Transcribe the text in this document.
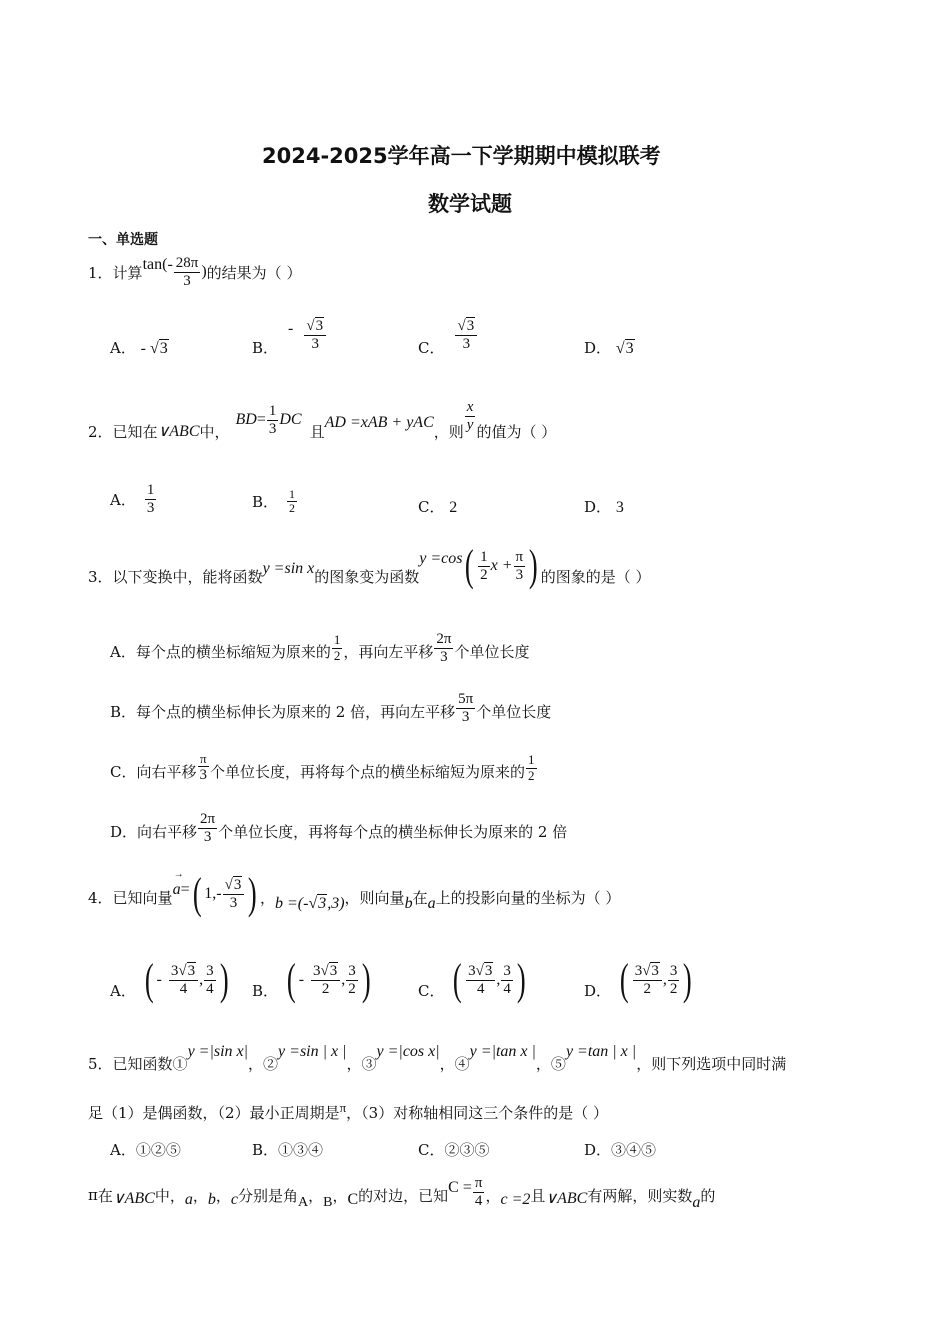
2024-2025学年高一下学期期中模拟联考
数学试题
一、单选题
1． 计算 $\tan(- \frac{28\pi}{3}$ ) 的结果为（ ）
A． - √3	B．
- $\frac{√3}{3}$	C． $\frac{√3}{3}$	D． √3
2． 已知在 ∨ABC 中，
BD = $\frac{1}{3}$ DC
且 AD =xAB + yAC ，则 $\frac{x}{y}$ 的值为（ ）
A． $\frac{1}{3}$	B． $\frac{1}{2}$	C． 2	D． 3
3． 以下变换中，能将函数 y =sin x 的图象变为函数
y =cos ( $\frac{1}{2}$ $x + \frac{\pi}{3}$ ) 的图象的是（ ）
A． 每个点的横坐标缩短为原来的 $\frac{1}{2}$ ，再向左平移 $\frac{2\pi}{3}$ 个单位长度
B． 每个点的横坐标伸长为原来的 2 倍，再向左平移 $\frac{5\pi}{3}$ 个单位长度
C． 向右平移 $\frac{\pi}{3}$ 个单位长度，再将每个点的横坐标缩短为原来的 $\frac{1}{2}$
D． 向右平移 $\frac{2\pi}{3}$ 个单位长度，再将每个点的横坐标伸长为原来的 2 倍
4． 已知向量
→
a = ( $1,- \frac{√3}{3}$ ) ， b =(-√3,3) ，则向量 b 在 a 上的投影向量的坐标为（ ）
A． ( - $\frac{3√3}{4}$ , $\frac{3}{4}$ ) B． ( - $\frac{3√3}{2}$ , $\frac{3}{2}$ )	C． ( $\frac{3√3}{4}$ , $\frac{3}{4}$ )	D． ( $\frac{3√3}{2}$ , $\frac{3}{2}$ )
5． 已知函数①
y =|sin x|
，②
y =sin | x |
，③
y =|cos x|
，④
y =|tan x |
，⑤
y =tan | x |
，则下列选项中同时满
足（1）是偶函数，（2）最小正周期是π，（3）对称轴相同这三个条件的是（ ）
A．①②⑤	B．①③④	C．②③⑤	D．③④⑤
π 在 ∨ABC 中， a ， b ， c 分别是角 A ， B ， C 的对边，已知 $C = \frac{\pi}{4}$ ， c =2 且 ∨ABC 有两解，则实数 a 的
